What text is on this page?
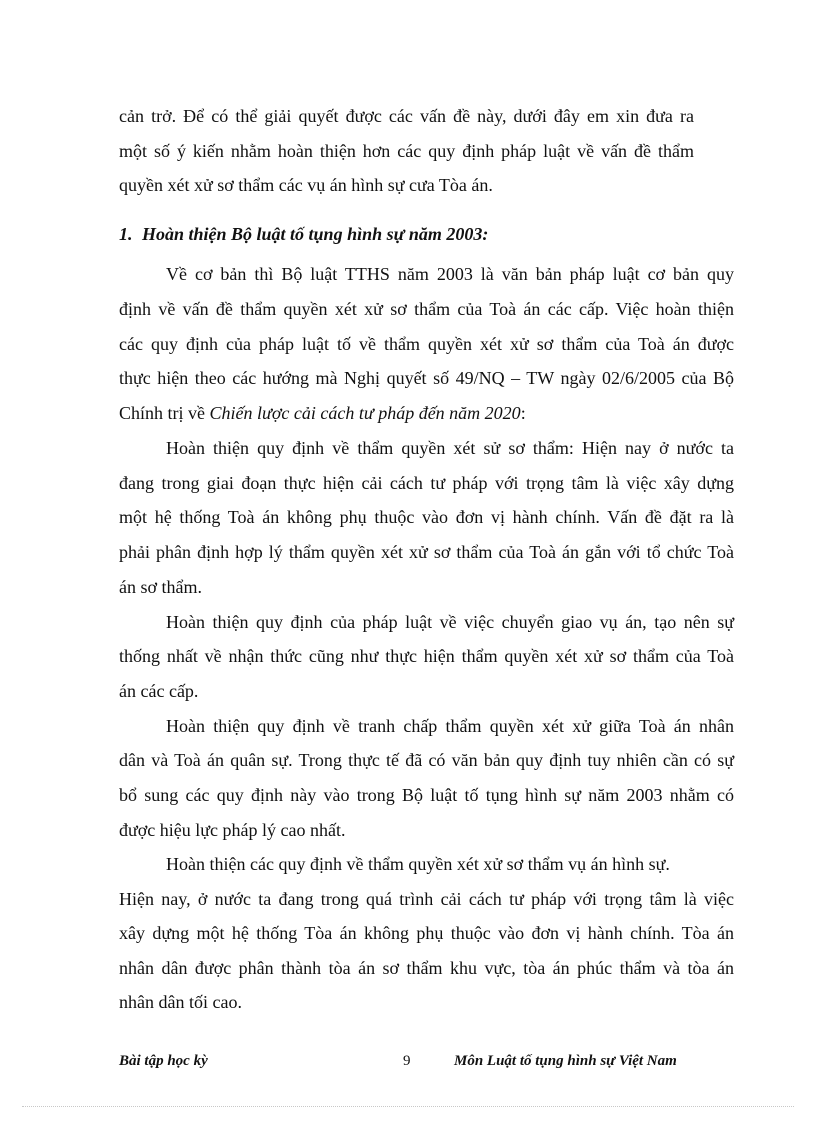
cản trở. Để có thể giải quyết được các vấn đề này, dưới đây em xin đưa ra
một số ý kiến nhằm hoàn thiện hơn các quy định pháp luật về vấn đề thẩm
quyền xét xử sơ thẩm các vụ án hình sự cưa Tòa án.
1. Hoàn thiện Bộ luật tố tụng hình sự năm 2003:
Về cơ bản thì Bộ luật TTHS năm 2003 là văn bản pháp luật cơ bản quy
định về vấn đề thẩm quyền xét xử sơ thẩm của Toà án các cấp. Việc hoàn thiện
các quy định của pháp luật tố về thẩm quyền xét xử sơ thẩm của Toà án được
thực hiện theo các hướng mà Nghị quyết số 49/NQ – TW ngày 02/6/2005 của Bộ
Chính trị về Chiến lược cải cách tư pháp đến năm 2020:
Hoàn thiện quy định về thẩm quyền xét sử sơ thẩm: Hiện nay ở nước ta
đang trong giai đoạn thực hiện cải cách tư pháp với trọng tâm là việc xây dựng
một hệ thống Toà án không phụ thuộc vào đơn vị hành chính. Vấn đề đặt ra là
phải phân định hợp lý thẩm quyền xét xử sơ thẩm của Toà án gắn với tổ chức Toà
án sơ thẩm.
Hoàn thiện quy định của pháp luật về việc chuyển giao vụ án, tạo nên sự
thống nhất về nhận thức cũng như thực hiện thẩm quyền xét xử sơ thẩm của Toà
án các cấp.
Hoàn thiện quy định về tranh chấp thẩm quyền xét xử giữa Toà án nhân
dân và Toà án quân sự. Trong thực tế đã có văn bản quy định tuy nhiên cần có sự
bổ sung các quy định này vào trong Bộ luật tố tụng hình sự năm 2003 nhằm có
được hiệu lực pháp lý cao nhất.
Hoàn thiện các quy định về thẩm quyền xét xử sơ thẩm vụ án hình sự.
Hiện nay, ở nước ta đang trong quá trình cải cách tư pháp với trọng tâm là việc
xây dựng một hệ thống Tòa án không phụ thuộc vào đơn vị hành chính. Tòa án
nhân dân được phân thành tòa án sơ thẩm khu vực, tòa án phúc thẩm và tòa án
nhân dân tối cao.
Bài tập học kỳ	9	Môn Luật tố tụng hình sự Việt Nam
